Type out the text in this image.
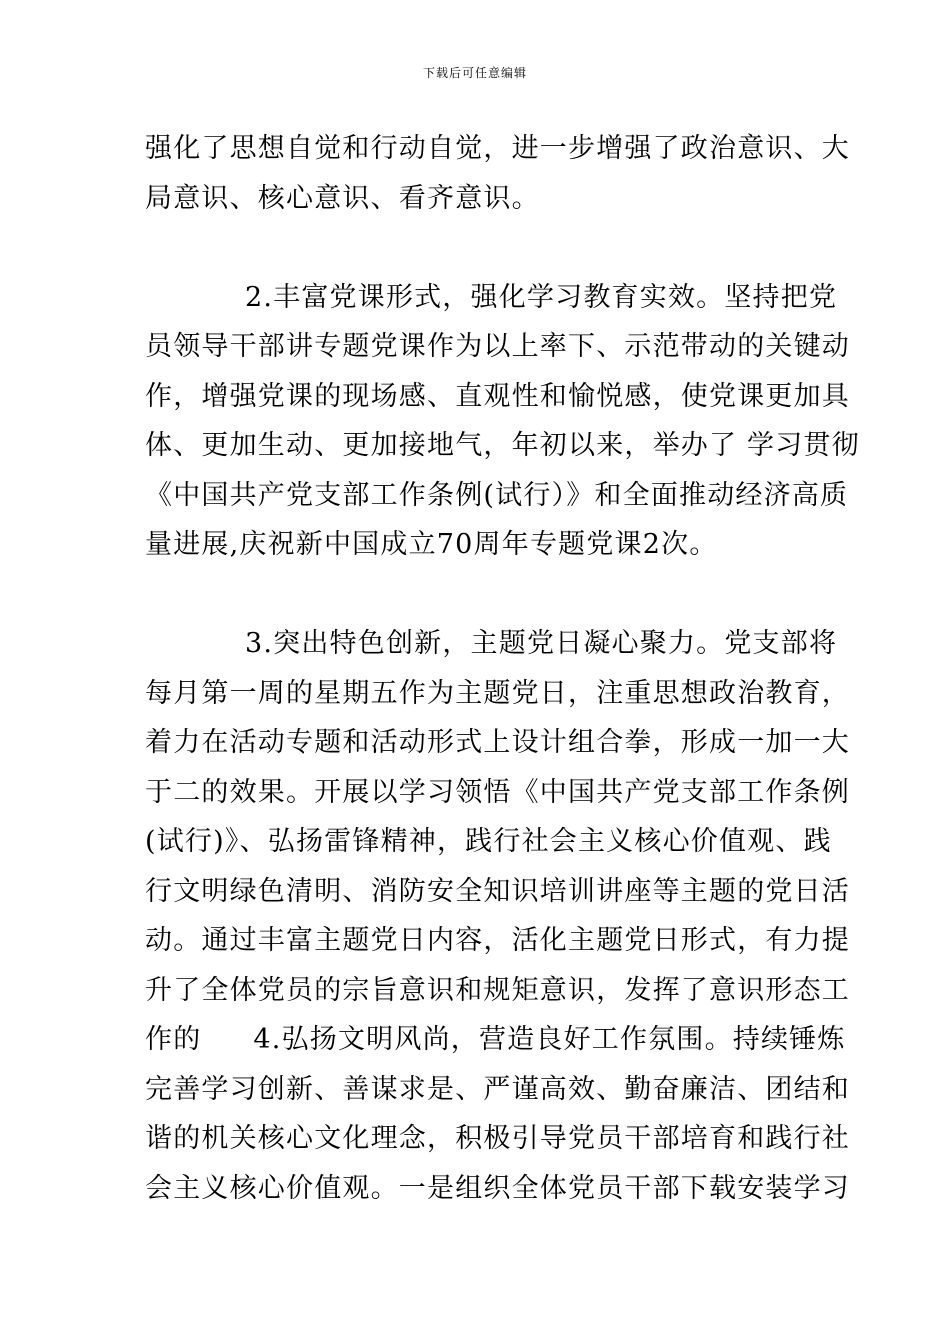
下载后可任意编辑
强化了思想自觉和行动自觉，进一步增强了政治意识、大
局意识、核心意识、看齐意识。
2.丰富党课形式，强化学习教育实效。坚持把党
员领导干部讲专题党课作为以上率下、示范带动的关键动
作，增强党课的现场感、直观性和愉悦感，使党课更加具
体、更加生动、更加接地气，年初以来，举办了 学习贯彻
《中国共产党支部工作条例(试行）》和全面推动经济高质
量进展,庆祝新中国成立70周年专题党课2次。
3.突出特色创新，主题党日凝心聚力。党支部将
每月第一周的星期五作为主题党日，注重思想政治教育，
着力在活动专题和活动形式上设计组合拳，形成一加一大
于二的效果。开展以学习领悟《中国共产党支部工作条例
(试行)》、弘扬雷锋精神，践行社会主义核心价值观、践
行文明绿色清明、消防安全知识培训讲座等主题的党日活
动。通过丰富主题党日内容，活化主题党日形式，有力提
升了全体党员的宗旨意识和规矩意识，发挥了意识形态工
作的 4.弘扬文明风尚，营造良好工作氛围。持续锤炼
完善学习创新、善谋求是、严谨高效、勤奋廉洁、团结和
谐的机关核心文化理念，积极引导党员干部培育和践行社
会主义核心价值观。一是组织全体党员干部下载安装学习
